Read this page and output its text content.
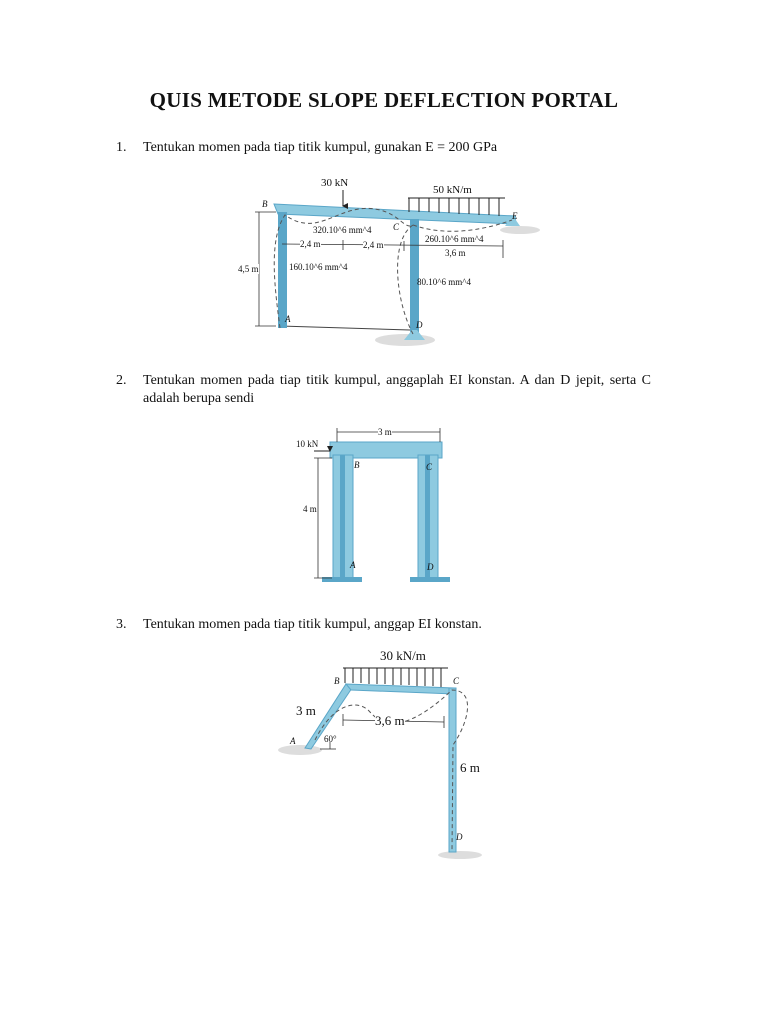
QUIS METODE SLOPE DEFLECTION PORTAL
1. Tentukan momen pada tiap titik kumpul, gunakan E = 200 GPa
30 kN
50 kN/m
B
C
E
A
D
320.10^6 mm^4
260.10^6 mm^4
160.10^6 mm^4
80.10^6 mm^4
2,4 m	2,4 m
3,6 m
4,5 m
2. Tentukan momen pada tiap titik kumpul, anggaplah EI konstan. A dan D jepit, serta C adalah berupa sendi
10 kN
3 m
4 m
A
B	C
D
3. Tentukan momen pada tiap titik kumpul, anggap EI konstan.
30 kN/m
B	C
A
D
3 m
60°
3,6 m
6 m
